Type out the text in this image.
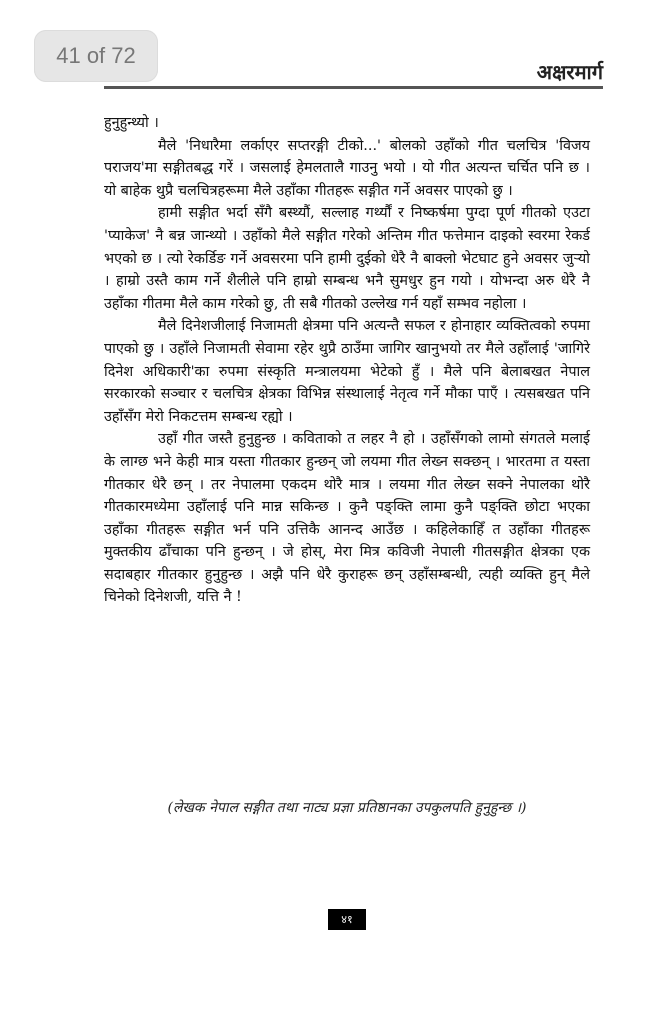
41 of 72
अक्षरमार्ग

हुनुहुन्थ्यो ।

मैले 'निधारैमा लर्काएर सप्तरङ्गी टीको...' बोलको उहाँको गीत चलचित्र 'विजय पराजय'मा सङ्गीतबद्ध गरें । जसलाई हेमलतालै गाउनु भयो । यो गीत अत्यन्त चर्चित पनि छ । यो बाहेक थुप्रै चलचित्रहरूमा मैले उहाँका गीतहरू सङ्गीत गर्ने अवसर पाएको छु ।

हामी सङ्गीत भर्दा सँगै बस्थ्यौं, सल्लाह गर्थ्यौं र निष्कर्षमा पुग्दा पूर्ण गीतको एउटा 'प्याकेज' नै बन्न जान्थ्यो । उहाँको मैले सङ्गीत गरेको अन्तिम गीत फत्तेमान दाइको स्वरमा रेकर्ड भएको छ । त्यो रेकर्डिङ गर्ने अवसरमा पनि हामी दुईको धेरै नै बाक्लो भेटघाट हुने अवसर जुर्‍यो । हाम्रो उस्तै काम गर्ने शैलीले पनि हाम्रो सम्बन्ध भनै सुमधुर हुन गयो । योभन्दा अरु धेरै नै उहाँका गीतमा मैले काम गरेको छु, ती सबै गीतको उल्लेख गर्न यहाँ सम्भव नहोला ।

मैले दिनेशजीलाई निजामती क्षेत्रमा पनि अत्यन्तै सफल र होनाहार व्यक्तित्वको रुपमा पाएको छु । उहाँले निजामती सेवामा रहेर थुप्रै ठाउँमा जागिर खानुभयो तर मैले उहाँलाई 'जागिरे दिनेश अधिकारी'का रुपमा संस्कृति मन्त्रालयमा भेटेको हुँ । मैले पनि बेलाबखत नेपाल सरकारको सञ्चार र चलचित्र क्षेत्रका विभिन्न संस्थालाई नेतृत्व गर्ने मौका पाएँ । त्यसबखत पनि उहाँसँग मेरो निकटत्तम सम्बन्ध रह्यो ।

उहाँ गीत जस्तै हुनुहुन्छ । कविताको त लहर नै हो । उहाँसँगको लामो संगतले मलाई के लाग्छ भने केही मात्र यस्ता गीतकार हुन्छन् जो लयमा गीत लेख्न सक्छन् । भारतमा त यस्ता गीतकार धेरै छन् । तर नेपालमा एकदम थोरै मात्र । लयमा गीत लेख्न सक्ने नेपालका थोरै गीतकारमध्येमा उहाँलाई पनि मान्न सकिन्छ । कुनै पङ्क्ति लामा कुनै पङ्क्ति छोटा भएका उहाँका गीतहरू सङ्गीत भर्न पनि उत्तिकै आनन्द आउँछ । कहिलेकाहिँ त उहाँका गीतहरू मुक्तकीय ढाँचाका पनि हुन्छन् । जे होस्, मेरा मित्र कविजी नेपाली गीतसङ्गीत क्षेत्रका एक सदाबहार गीतकार हुनुहुन्छ । अझै पनि धेरै कुराहरू छन् उहाँसम्बन्धी, त्यही व्यक्ति हुन् मैले चिनेको दिनेशजी, यत्ति नै !

(लेखक नेपाल सङ्गीत तथा नाट्य प्रज्ञा प्रतिष्ठानका उपकुलपति हुनुहुन्छ ।)
४१
